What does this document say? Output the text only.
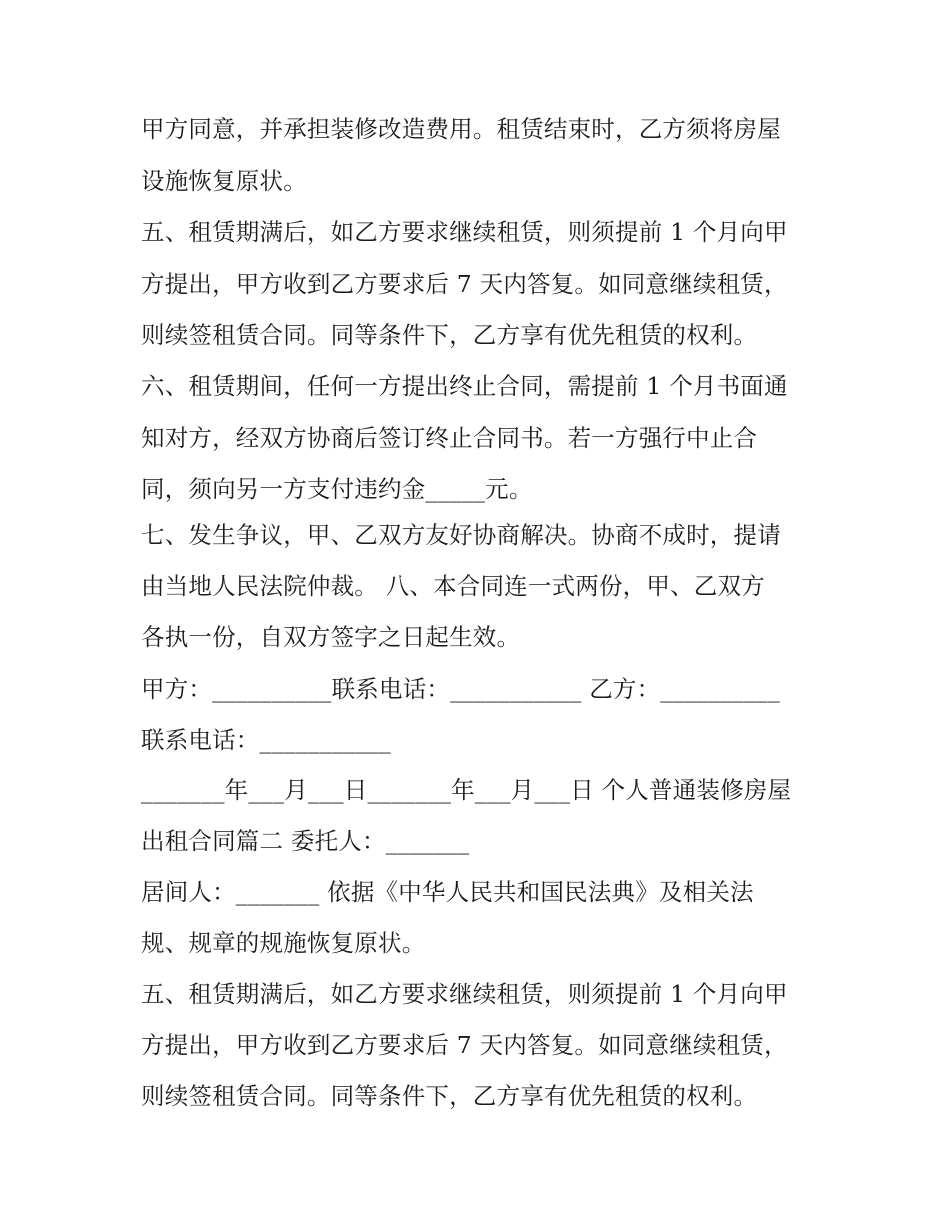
甲方同意，并承担装修改造费用。租赁结束时，乙方须将房屋

设施恢复原状。

五、租赁期满后，如乙方要求继续租赁，则须提前 1 个月向甲

方提出，甲方收到乙方要求后 7 天内答复。如同意继续租赁，

则续签租赁合同。同等条件下，乙方享有优先租赁的权利。

六、租赁期间，任何一方提出终止合同，需提前 1 个月书面通

知对方，经双方协商后签订终止合同书。若一方强行中止合

同，须向另一方支付违约金_____元。

七、发生争议，甲、乙双方友好协商解决。协商不成时，提请

由当地人民法院仲裁。 八、本合同连一式两份，甲、乙双方

各执一份，自双方签字之日起生效。

甲方：__________联系电话：___________ 乙方：__________

联系电话：___________

_______年___月___日_______年___月___日 个人普通装修房屋

出租合同篇二 委托人：_______

居间人：_______ 依据《中华人民共和国民法典》及相关法

规、规章的规施恢复原状。

五、租赁期满后，如乙方要求继续租赁，则须提前 1 个月向甲

方提出，甲方收到乙方要求后 7 天内答复。如同意继续租赁，

则续签租赁合同。同等条件下，乙方享有优先租赁的权利。
